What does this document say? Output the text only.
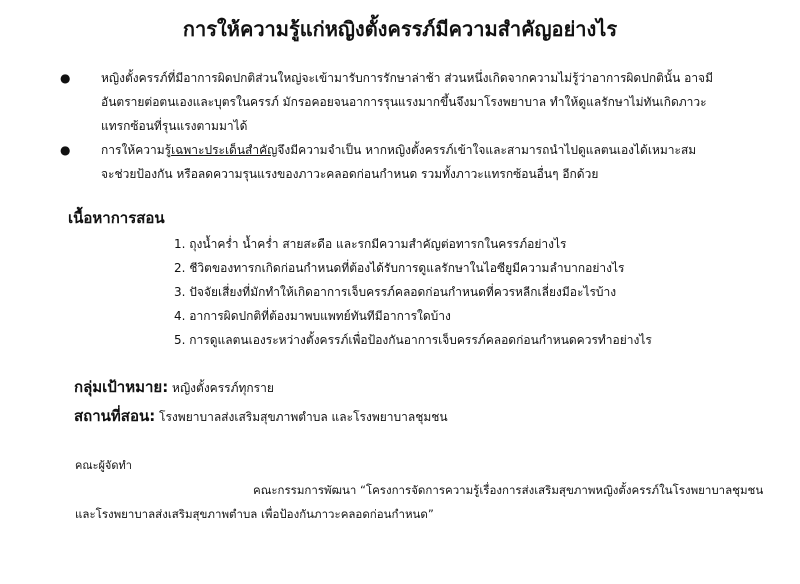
การให้ความรู้แก่หญิงตั้งครรภ์มีความสำคัญอย่างไร
●	หญิงตั้งครรภ์ที่มีอาการผิดปกติส่วนใหญ่จะเข้ามารับการรักษาล่าช้า ส่วนหนึ่งเกิดจากความไม่รู้ว่าอาการผิดปกตินั้น อาจมี

อันตรายต่อตนเองและบุตรในครรภ์ มักรอคอยจนอาการรุนแรงมากขึ้นจึงมาโรงพยาบาล ทำให้ดูแลรักษาไม่ทันเกิดภาวะ

แทรกซ้อนที่รุนแรงตามมาได้

●	การให้ความรู้เฉพาะประเด็นสำคัญจึงมีความจำเป็น หากหญิงตั้งครรภ์เข้าใจและสามารถนำไปดูแลตนเองได้เหมาะสม

จะช่วยป้องกัน หรือลดความรุนแรงของภาวะคลอดก่อนกำหนด รวมทั้งภาวะแทรกซ้อนอื่นๆ อีกด้วย

เนื้อหาการสอน
1. ถุงน้ำคร่ำ น้ำคร่ำ สายสะดือ และรกมีความสำคัญต่อทารกในครรภ์อย่างไร
2. ชีวิตของทารกเกิดก่อนกำหนดที่ต้องได้รับการดูแลรักษาในไอซียูมีความลำบากอย่างไร
3. ปัจจัยเสี่ยงที่มักทำให้เกิดอาการเจ็บครรภ์คลอดก่อนกำหนดที่ควรหลีกเลี่ยงมีอะไรบ้าง
4. อาการผิดปกติที่ต้องมาพบแพทย์ทันทีมีอาการใดบ้าง
5. การดูแลตนเองระหว่างตั้งครรภ์เพื่อป้องกันอาการเจ็บครรภ์คลอดก่อนกำหนดควรทำอย่างไร
กลุ่มเป้าหมาย: หญิงตั้งครรภ์ทุกราย
สถานที่สอน: โรงพยาบาลส่งเสริมสุขภาพตำบล และโรงพยาบาลชุมชน
คณะผู้จัดทำ

คณะกรรมการพัฒนา “โครงการจัดการความรู้เรื่องการส่งเสริมสุขภาพหญิงตั้งครรภ์ในโรงพยาบาลชุมชน

และโรงพยาบาลส่งเสริมสุขภาพตำบล เพื่อป้องกันภาวะคลอดก่อนกำหนด”
